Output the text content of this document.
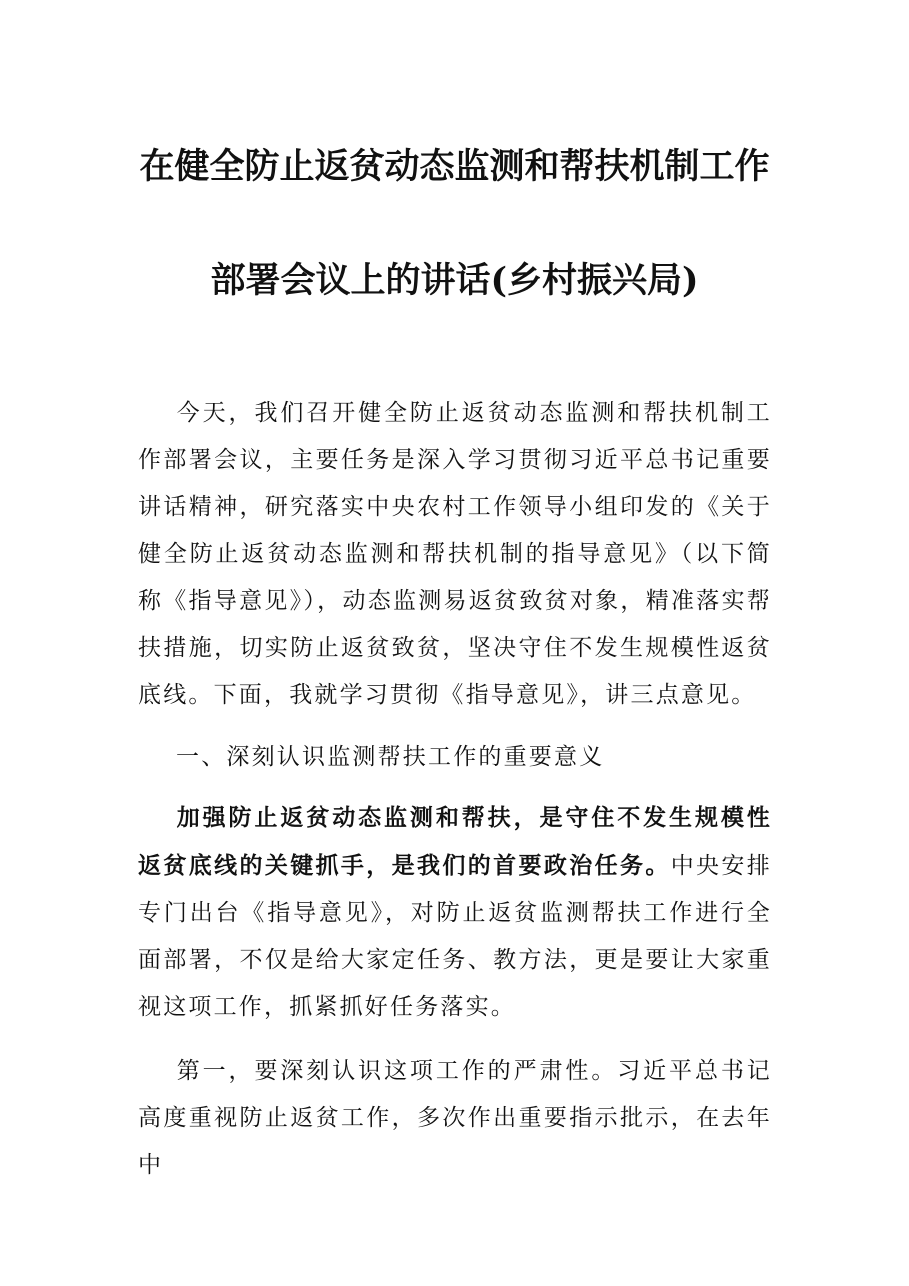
在健全防止返贫动态监测和帮扶机制工作
部署会议上的讲话(乡村振兴局)

今天，我们召开健全防止返贫动态监测和帮扶机制工作部署会议，主要任务是深入学习贯彻习近平总书记重要讲话精神，研究落实中央农村工作领导小组印发的《关于健全防止返贫动态监测和帮扶机制的指导意见》（以下简称《指导意见》），动态监测易返贫致贫对象，精准落实帮扶措施，切实防止返贫致贫，坚决守住不发生规模性返贫底线。下面，我就学习贯彻《指导意见》，讲三点意见。

一、深刻认识监测帮扶工作的重要意义

加强防止返贫动态监测和帮扶，是守住不发生规模性返贫底线的关键抓手，是我们的首要政治任务。中央安排专门出台《指导意见》，对防止返贫监测帮扶工作进行全面部署，不仅是给大家定任务、教方法，更是要让大家重视这项工作，抓紧抓好任务落实。

第一，要深刻认识这项工作的严肃性。习近平总书记高度重视防止返贫工作，多次作出重要指示批示，在去年中
